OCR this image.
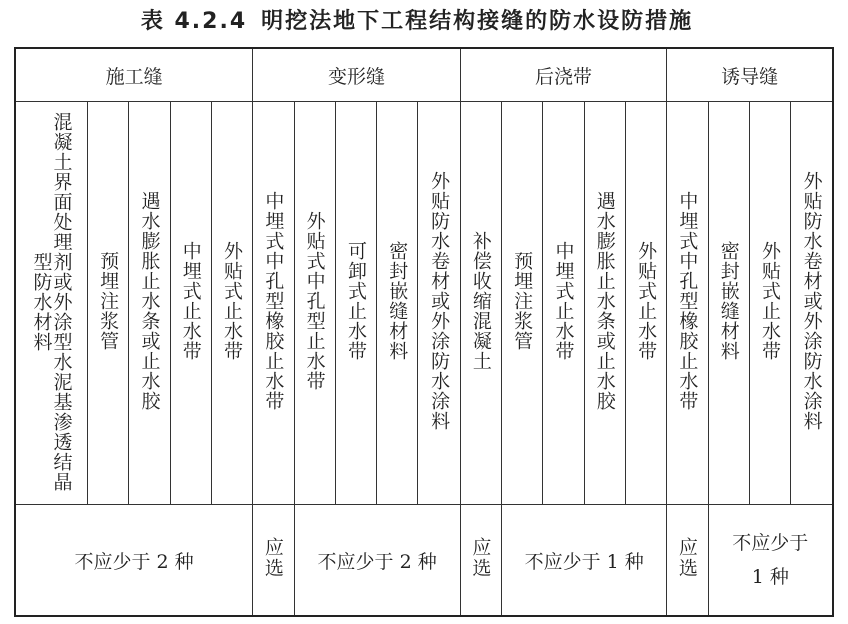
表 4.2.4 明挖法地下工程结构接缝的防水设防措施
施工缝					变形缝					后浇带					诱导缝			
混凝土界面处理剂或外涂型水泥基渗透结晶型防水材料	预埋注浆管	遇水膨胀止水条或止水胶	中埋式止水带	外贴式止水带	中埋式中孔型橡胶止水带	外贴式中孔型止水带	可卸式止水带	密封嵌缝材料	外贴防水卷材或外涂防水涂料	补偿收缩混凝土	预埋注浆管	中埋式止水带	遇水膨胀止水条或止水胶	外贴式止水带	中埋式中孔型橡胶止水带	密封嵌缝材料	外贴式止水带	外贴防水卷材或外涂防水涂料
不应少于 2 种					应选	不应少于 2 种				应选	不应少于 1 种				应选	不应少于
1 种		
